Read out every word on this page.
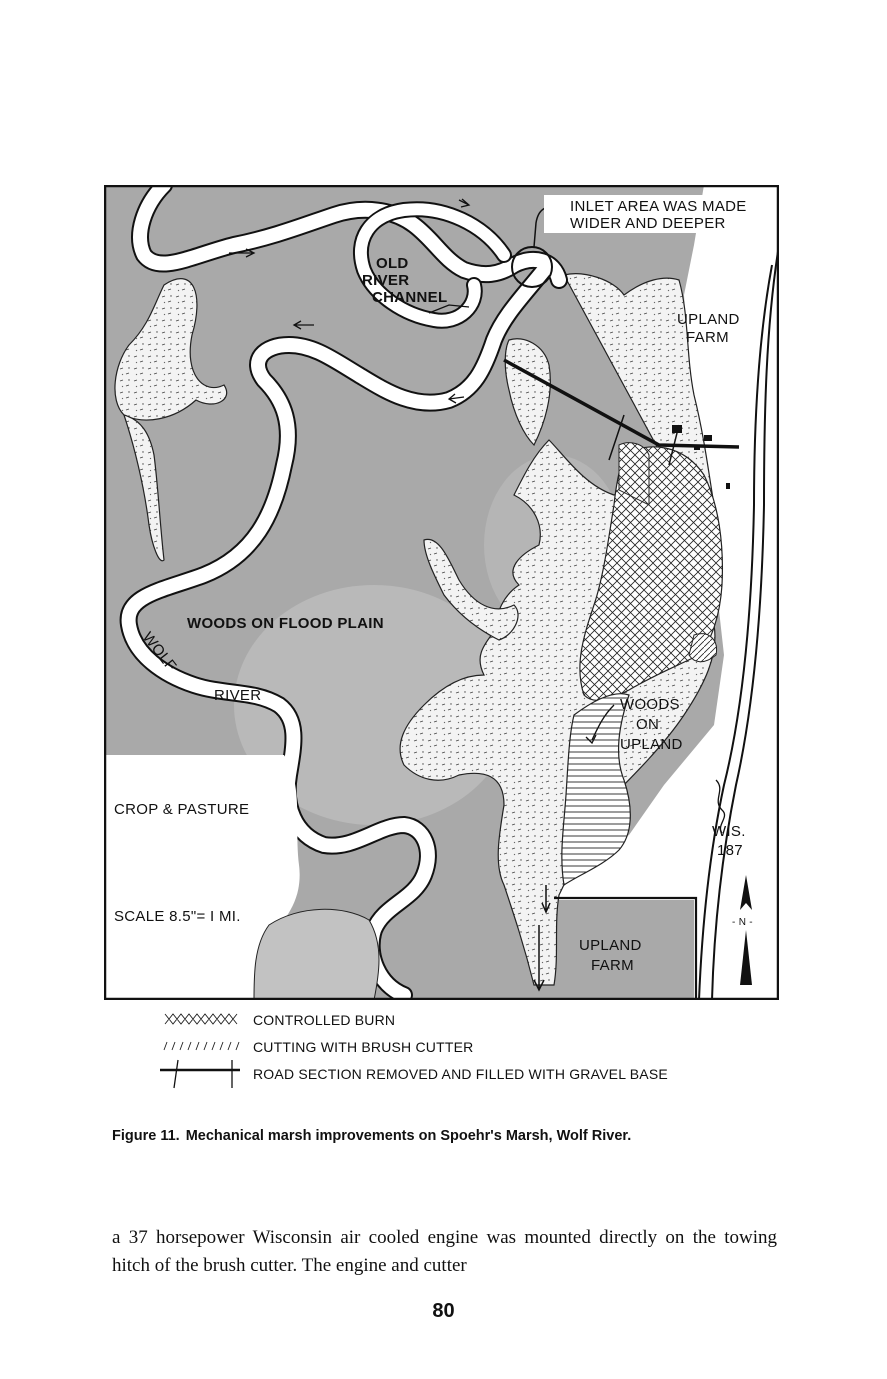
INLET AREA WAS MADE
WIDER AND DEEPER
OLD
RIVER
CHANNEL
UPLAND
FARM
WOODS ON FLOOD PLAIN
WOLF
RIVER
WOODS
ON
UPLAND
CROP & PASTURE
WIS.
187
SCALE 8.5"= I MI.	- N -
UPLAND
FARM
CONTROLLED BURN
CUTTING WITH BRUSH CUTTER
ROAD SECTION REMOVED AND FILLED WITH GRAVEL BASE
Figure 11. Mechanical marsh improvements on Spoehr's Marsh, Wolf River.

a 37 horsepower Wisconsin air cooled engine was mounted directly on the towing hitch of the brush cutter. The engine and cutter

80
